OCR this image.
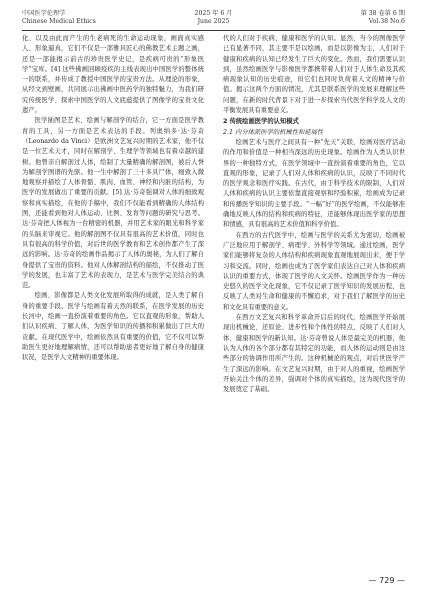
中国医学伦理学
Chinese Medical Ethics
2025 年 6 月
June 2025
第 38 卷第 6 期
Vol.38 No.6

化、以及由此而产生的生老病死的生命运动现象，画面真实感人、形象逼真，它们不仅是一部雅具匠心的佛教艺术主题之画，还是一部能揭示前古的珍贵医学史记，是疾病可贵的“形象医学”宝库。[4] 这些佛画回顾疫疾的主线表现出中国医学的整体统一的联系，并传成了教授中国医学的宝贵方法。从理论的形象，从经文到壁画，共同展示出佛画中医药学的独特魅力，为我们研究传统医学、探索中国医学的人文底蕴提供了图像学的宝贵文化遗产。

医学插图是艺术、绘画与解剖学的结合，它一方面是医学教育的工具，另一方面是艺术表达的手段。列奥纳多·达·芬奇（Leonardo da Vinci）是欧洲文艺复兴时期的艺术家，他不仅是一位艺术天才，同时在解剖学、生理学等领域也有着卓越的建树。他曾亲自解剖过人体，绘制了大量精确的解剖图，被后人誉为解剖学图谱的先驱。他一生中解剖了三十多具尸体，细致入微地观察并描绘了人体骨骼、肌肉、血管、神经和内脏的结构，为医学的发展做出了重要的贡献。[5] 达·芬奇强调对人体的细致观察和真实描绘，在他的手稿中，我们不仅能看到精确的人体结构图，还能看到他对人体运动、比例、发育等问题的研究与思考。达·芬奇把人体视为一台精密的机器，并用艺术家的眼光和科学家的头脑来审视它。他的解剖图不仅具有很高的艺术价值，同时也具有很高的科学价值，对后世的医学教育和艺术创作都产生了深远的影响。达·芬奇的绘画作品揭示了人体的奥秘，为人们了解自身提供了宝贵的资料。他对人体解剖结构的描绘，不仅推动了医学的发展，也丰富了艺术的表现力，是艺术与医学完美结合的典范。

绘画、影像都是人类文化发展所取得的成就，是人类了解自身的重要手段。医学与绘画有着天然的联系，在医学发展的历史长河中，绘画一直扮演着重要的角色。它以直观的形象，帮助人们认识疾病、了解人体，为医学知识的传播和积累做出了巨大的贡献。在现代医学中，绘画依然具有重要的价值，它不仅可以帮助医生更好地理解病情，还可以帮助患者更好地了解自身的健康状况，是医学人文精神的重要体现。

代的人们对于疾病、健康和医学的认知。显然，当今的图像医学已有显著不同，其主要不是以绘画，而是以影像为主，人们对于健康和疾病的认知已经发生了巨大的变化。然而，我们需要认识到，虽然绘画医学与影像医学都携带着人们对于人体生命及其疾病现象认知的历史痕迹，但它们也同时负荷着人文的精神与价值。揭示这两个方面的情况，尤其是联系医学的发展来理解这些问题，在新的时代背景下对于进一步探索当代医学科学及人文的平衡发展具有重要意义。

2 传统绘画医学的认知模式
2.1 内分体派医学的机械性和延展性

绘画艺术与医疗之间具有一种“先天”关联，绘画对医疗活动的作用和价值是一种相当深远的历史现象。绘画作为人类认识世界的一种独特方式，在医学领域中一直扮演着重要的角色，它以直观的形象，记录了人们对人体和疾病的认识，反映了不同时代的医学观念和医疗实践。在古代，由于科学技术的限制，人们对人体和疾病的认识主要依靠直接观察和经验积累，绘画成为记录和传播医学知识的主要手段。“一幅”好“的医学绘画，不仅能够准确地反映人体的结构和疾病的特征，还能够体现出医学家的思想和情感，具有很高的艺术价值和科学价值。

在西方的古代医学中，绘画与医学的关系尤为密切，绘画被广泛地应用于解剖学、病理学、外科学等领域。通过绘画，医学家们能够将复杂的人体结构和疾病现象直观地展现出来，便于学习和交流。同时，绘画也成为了医学家们表达自己对人体和疾病认识的重要方式，体现了医学的人文关怀。绘画医学作为一种历史悠久的医学文化现象，它不仅记录了医学知识的发展历程，也反映了人类对生命和健康的不懈追求，对于我们了解医学的历史和文化具有重要的意义。

在西方文艺复兴和科学革命开启后的时代，绘画医学开始展现出机械论、还原论、进步性和个体性的特点，反映了人们对人体、健康和医学的新认知。达·芬奇曾说人体是最完美的机器，他认为人体的各个部分都有其特定的功能，而人体的运动则是由这些部分的协调作用所产生的。这种机械论的观点，对后世医学产生了深远的影响。在文艺复兴时期，由于对人的重视，绘画医学开始关注个体的差异，强调对个体的真实描绘，这为现代医学的发展奠定了基础。

— 729 —
